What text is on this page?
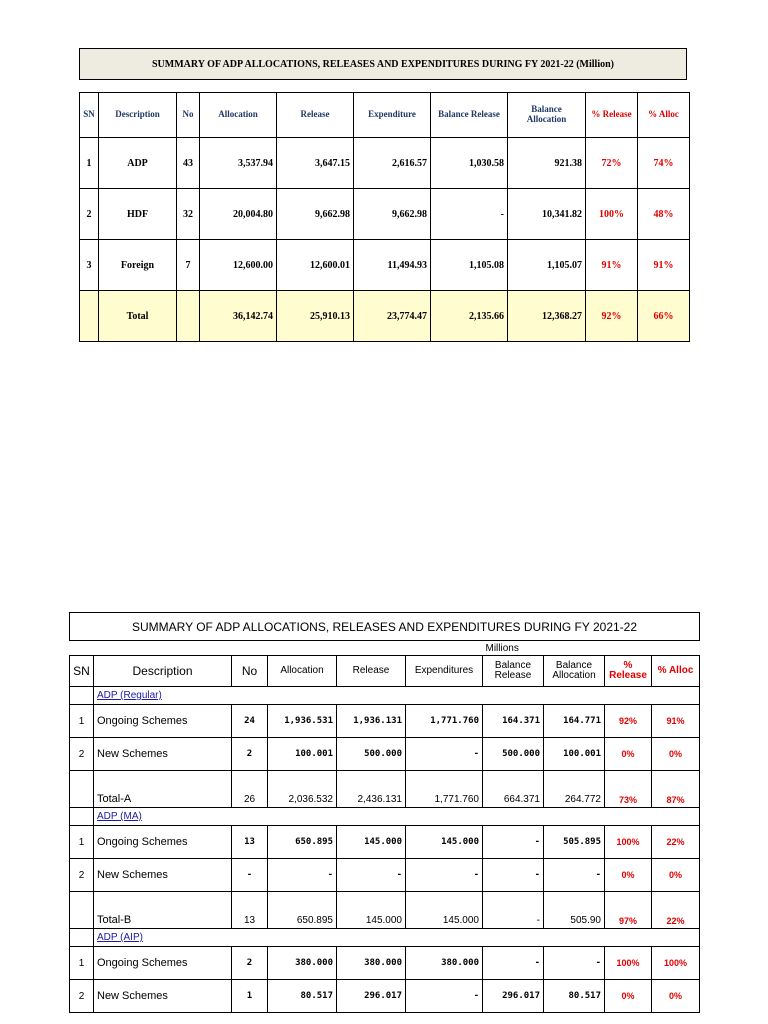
SUMMARY OF ADP ALLOCATIONS, RELEASES AND EXPENDITURES DURING FY 2021-22 (Million)
SN	Description	No	Allocation	Release	Expenditure	Balance Release	Balance Allocation	% Release	% Alloc
1	ADP	43	3,537.94	3,647.15	2,616.57	1,030.58	921.38	72%	74%
2	HDF	32	20,004.80	9,662.98	9,662.98	-	10,341.82	100%	48%
3	Foreign	7	12,600.00	12,600.01	11,494.93	1,105.08	1,105.07	91%	91%
	Total		36,142.74	25,910.13	23,774.47	2,135.66	12,368.27	92%	66%
SUMMARY OF ADP ALLOCATIONS, RELEASES AND EXPENDITURES DURING FY 2021-22									
						Millions			
SN	Description	No	Allocation	Release	Expenditures	Balance Release	Balance Allocation	% Release	% Alloc
	ADP (Regular)								
1	Ongoing Schemes	24	1,936.531	1,936.131	1,771.760	164.371	164.771	92%	91%
2	New Schemes	2	100.001	500.000	-	500.000	100.001	0%	0%
	Total-A	26	2,036.532	2,436.131	1,771.760	664.371	264.772	73%	87%
	ADP (MA)								
1	Ongoing Schemes	13	650.895	145.000	145.000	-	505.895	100%	22%
2	New Schemes	-	-	-	-	-	-	0%	0%
	Total-B	13	650.895	145.000	145.000	-	505.90	97%	22%
	ADP (AIP)								
1	Ongoing Schemes	2	380.000	380.000	380.000	-	-	100%	100%
2	New Schemes	1	80.517	296.017	-	296.017	80.517	0%	0%
